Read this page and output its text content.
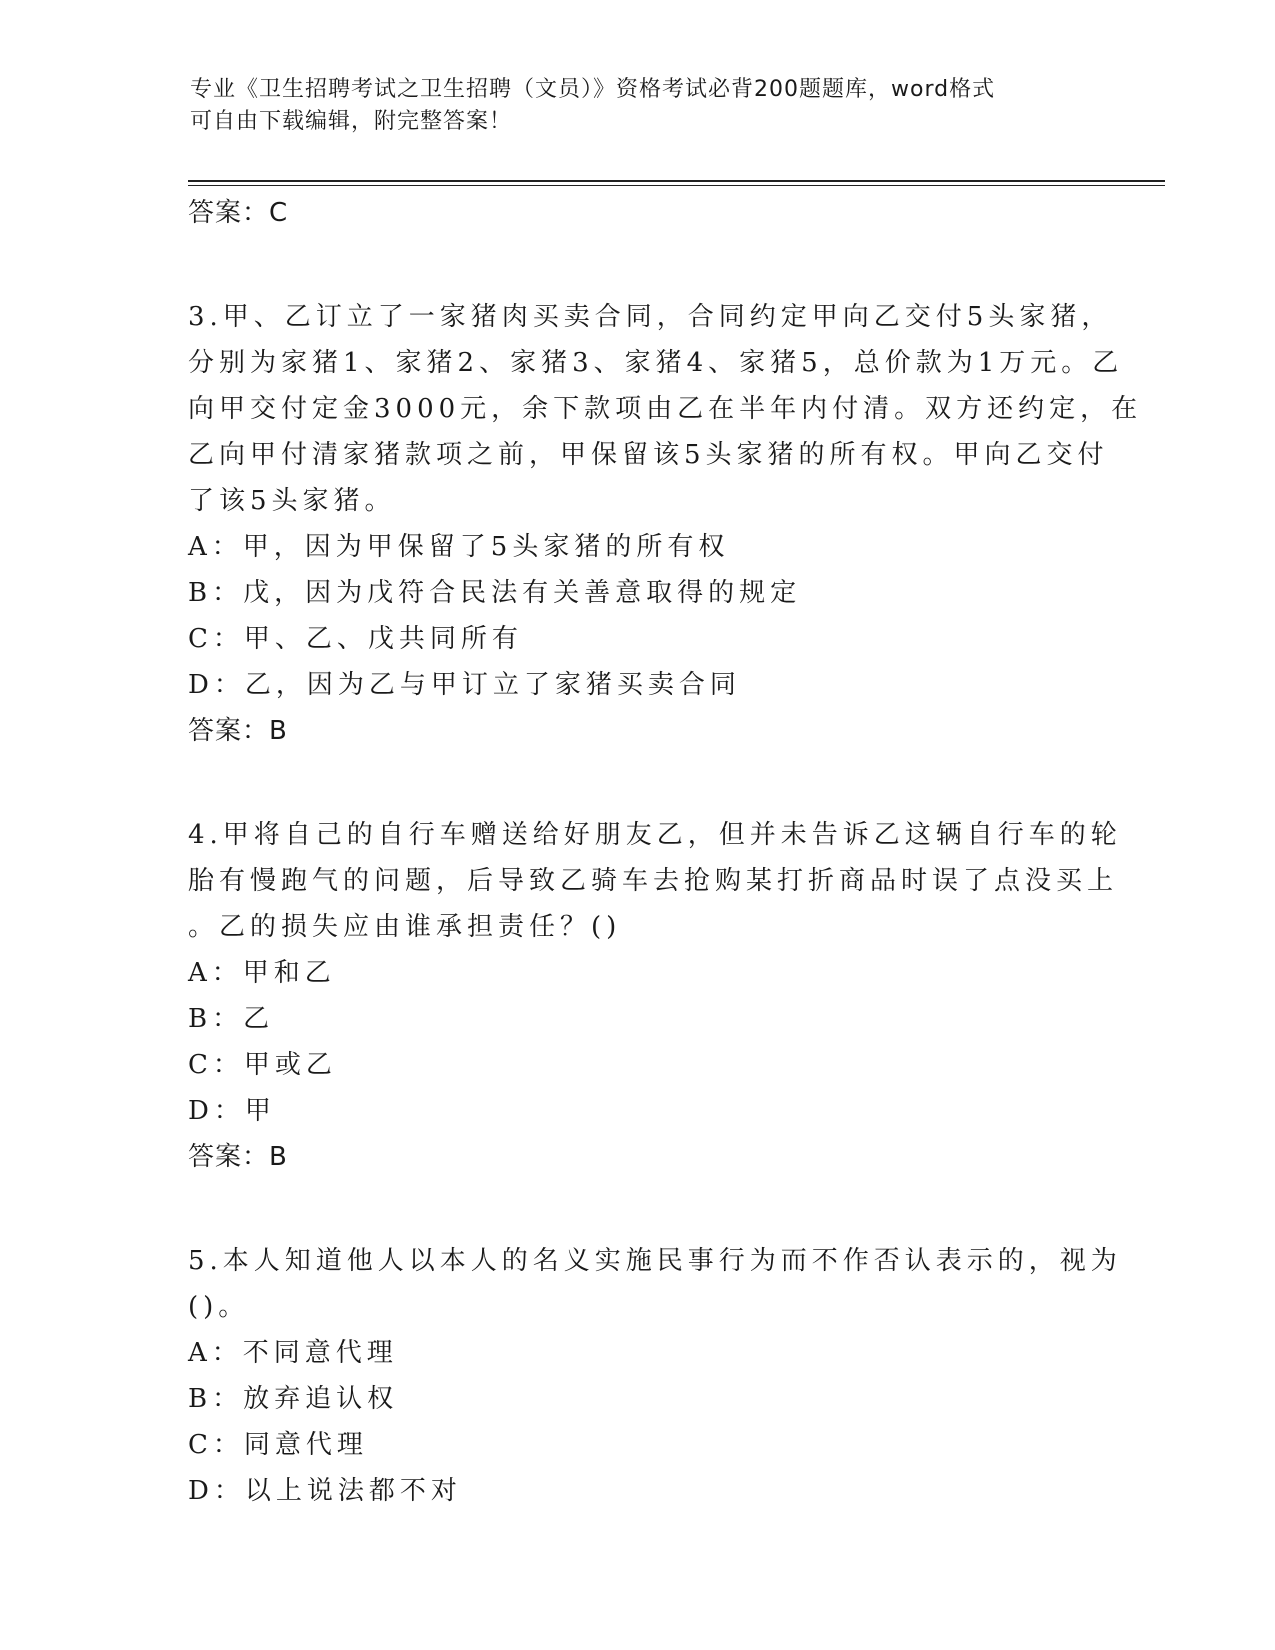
专业《卫生招聘考试之卫生招聘（文员）》资格考试必背200题题库，word格式
可自由下载编辑，附完整答案！
答案：C
3.甲、乙订立了一家猪肉买卖合同，合同约定甲向乙交付5头家猪，
分别为家猪1、家猪2、家猪3、家猪4、家猪5，总价款为1万元。乙
向甲交付定金3000元，余下款项由乙在半年内付清。双方还约定，在
乙向甲付清家猪款项之前，甲保留该5头家猪的所有权。甲向乙交付
了该5头家猪。
A：甲，因为甲保留了5头家猪的所有权
B：戊，因为戊符合民法有关善意取得的规定
C：甲、乙、戊共同所有
D：乙，因为乙与甲订立了家猪买卖合同
答案：B
4.甲将自己的自行车赠送给好朋友乙，但并未告诉乙这辆自行车的轮
胎有慢跑气的问题，后导致乙骑车去抢购某打折商品时误了点没买上
。乙的损失应由谁承担责任？()
A：甲和乙
B：乙
C：甲或乙
D：甲
答案：B
5.本人知道他人以本人的名义实施民事行为而不作否认表示的，视为
()。
A：不同意代理
B：放弃追认权
C：同意代理
D：以上说法都不对
